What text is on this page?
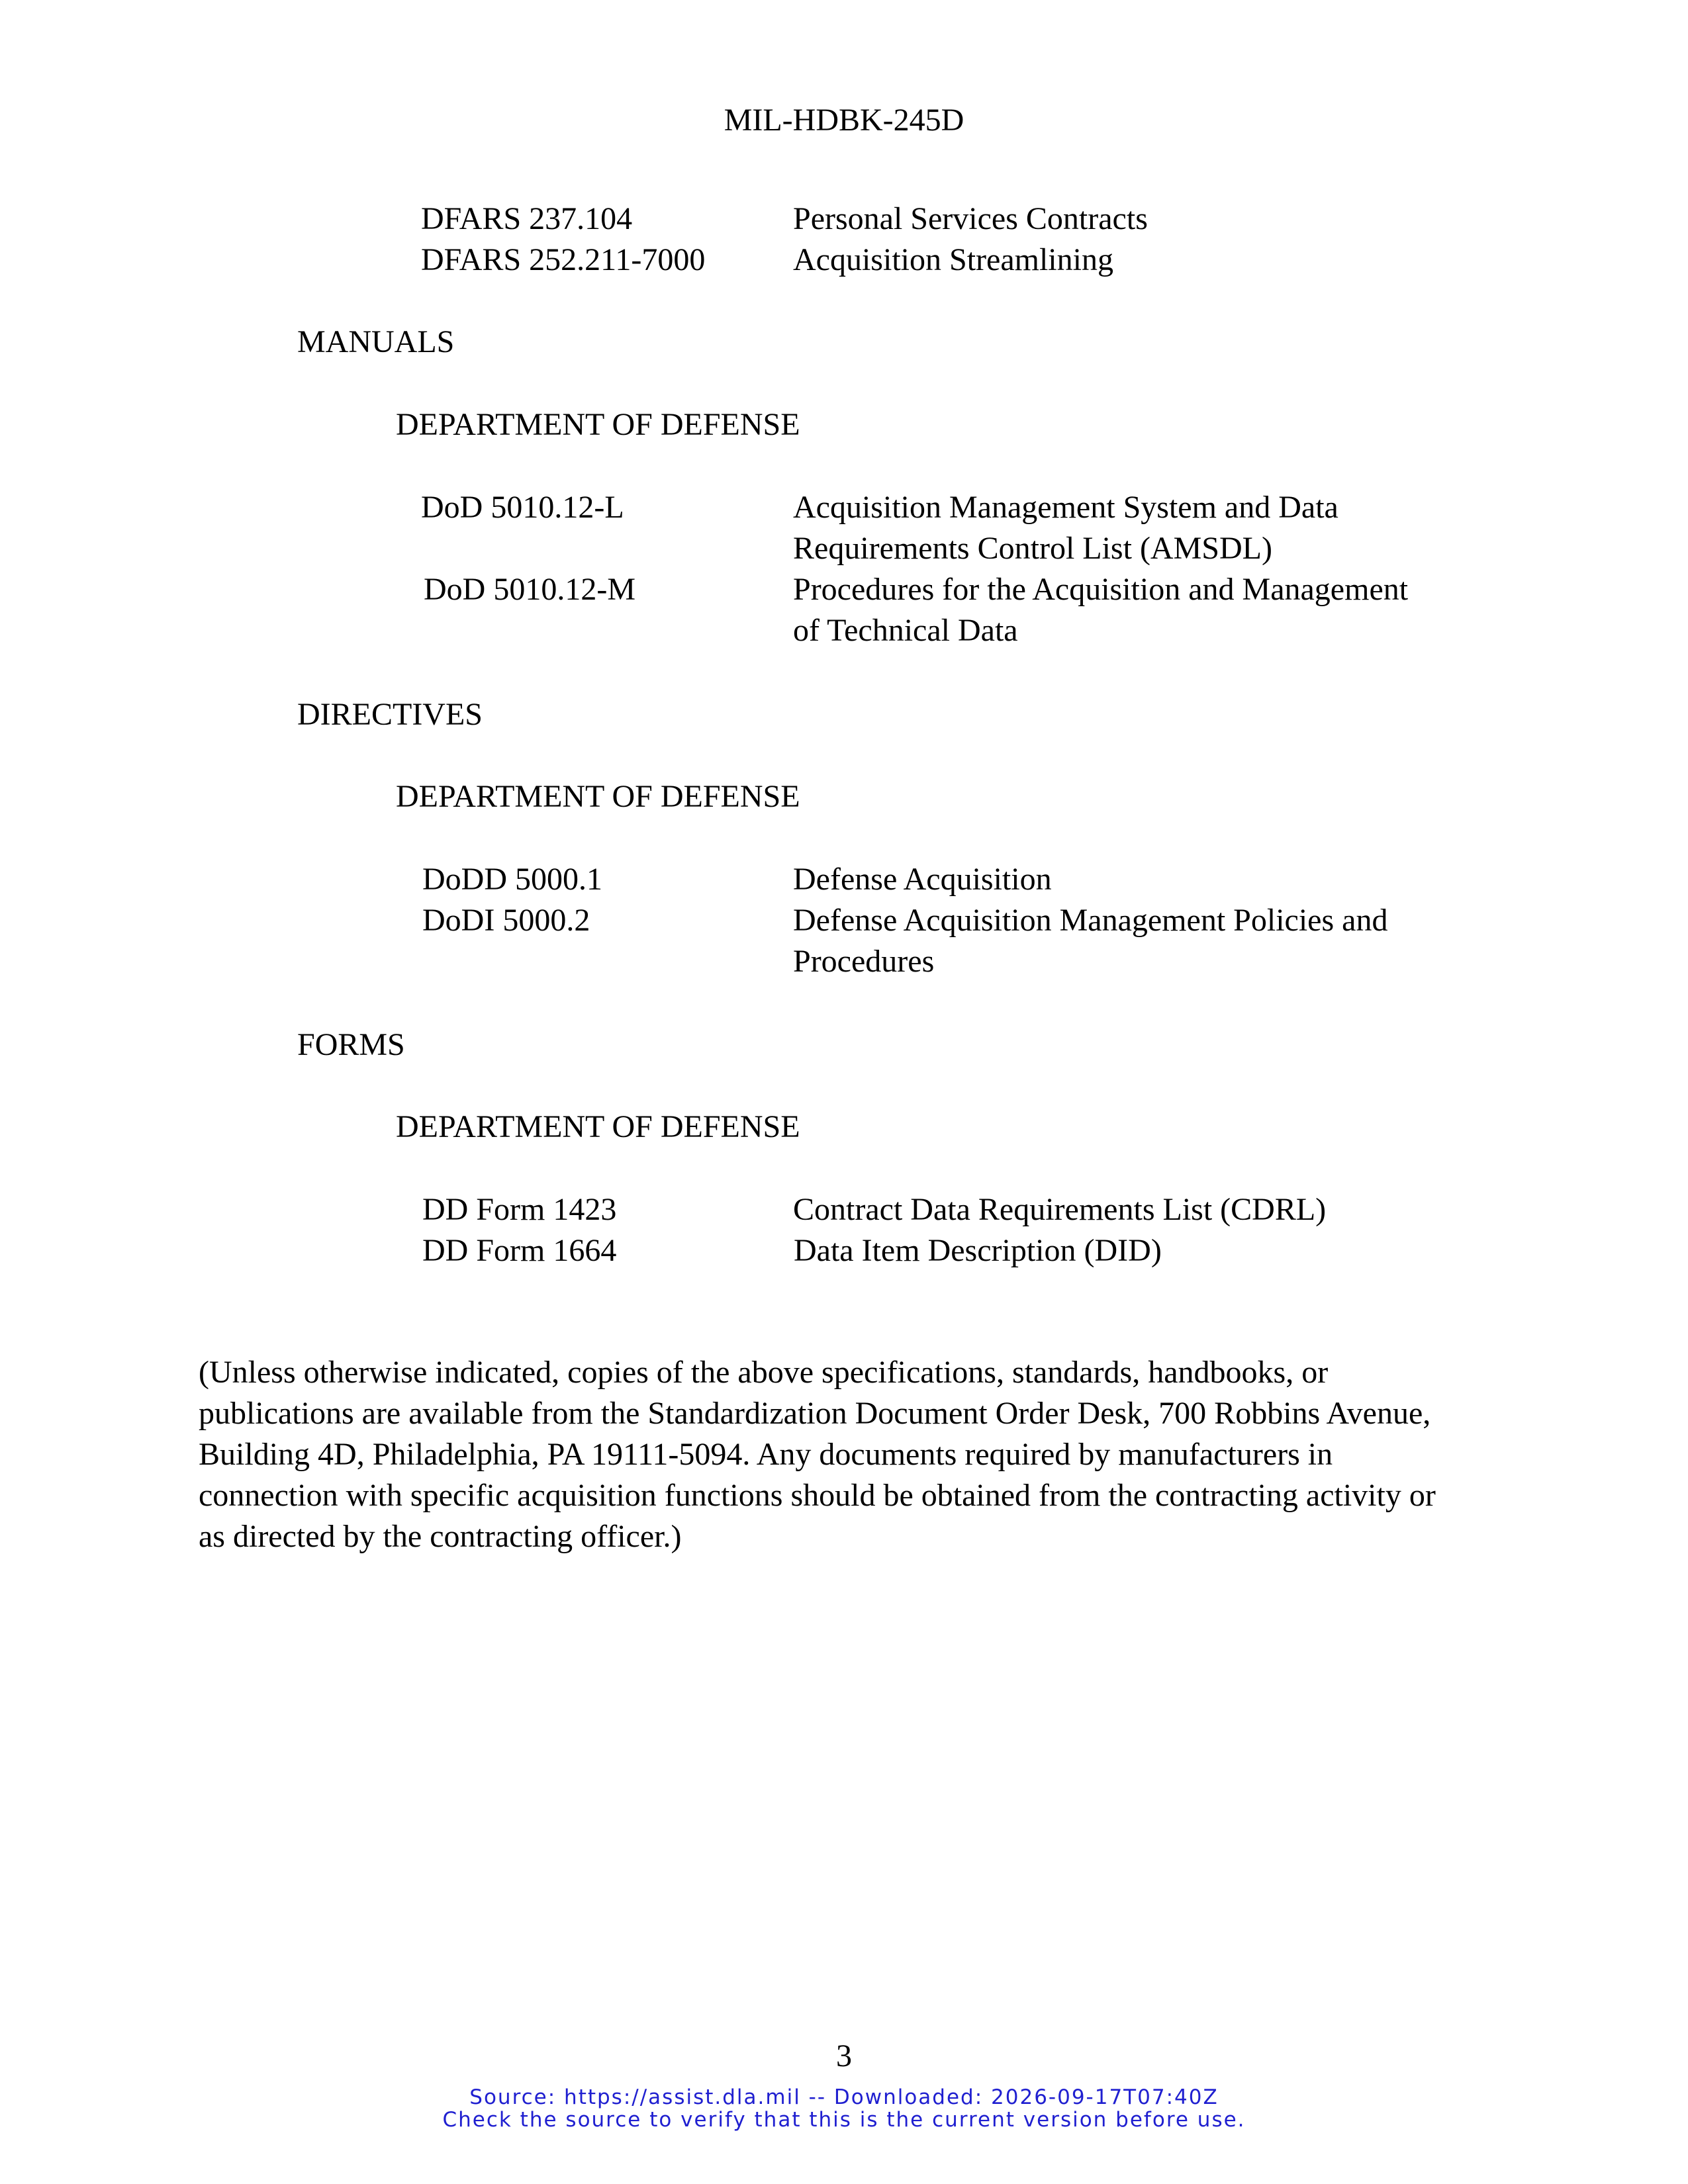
MIL-HDBK-245D
DFARS 237.104	Personal Services Contracts
DFARS 252.211-7000	Acquisition Streamlining
MANUALS
DEPARTMENT OF DEFENSE
DoD 5010.12-L	Acquisition Management System and Data
Requirements Control List (AMSDL)
DoD 5010.12-M	Procedures for the Acquisition and Management
of Technical Data
DIRECTIVES
DEPARTMENT OF DEFENSE
DoDD 5000.1	Defense Acquisition
DoDI 5000.2	Defense Acquisition Management Policies and
Procedures
FORMS
DEPARTMENT OF DEFENSE
DD Form 1423	Contract Data Requirements List (CDRL)
DD Form 1664	Data Item Description (DID)
(Unless otherwise indicated, copies of the above specifications, standards, handbooks, or
publications are available from the Standardization Document Order Desk, 700 Robbins Avenue,
Building 4D, Philadelphia, PA 19111-5094. Any documents required by manufacturers in
connection with specific acquisition functions should be obtained from the contracting activity or
as directed by the contracting officer.)
3
Source: https://assist.dla.mil -- Downloaded: 2026-09-17T07:40Z
Check the source to verify that this is the current version before use.
